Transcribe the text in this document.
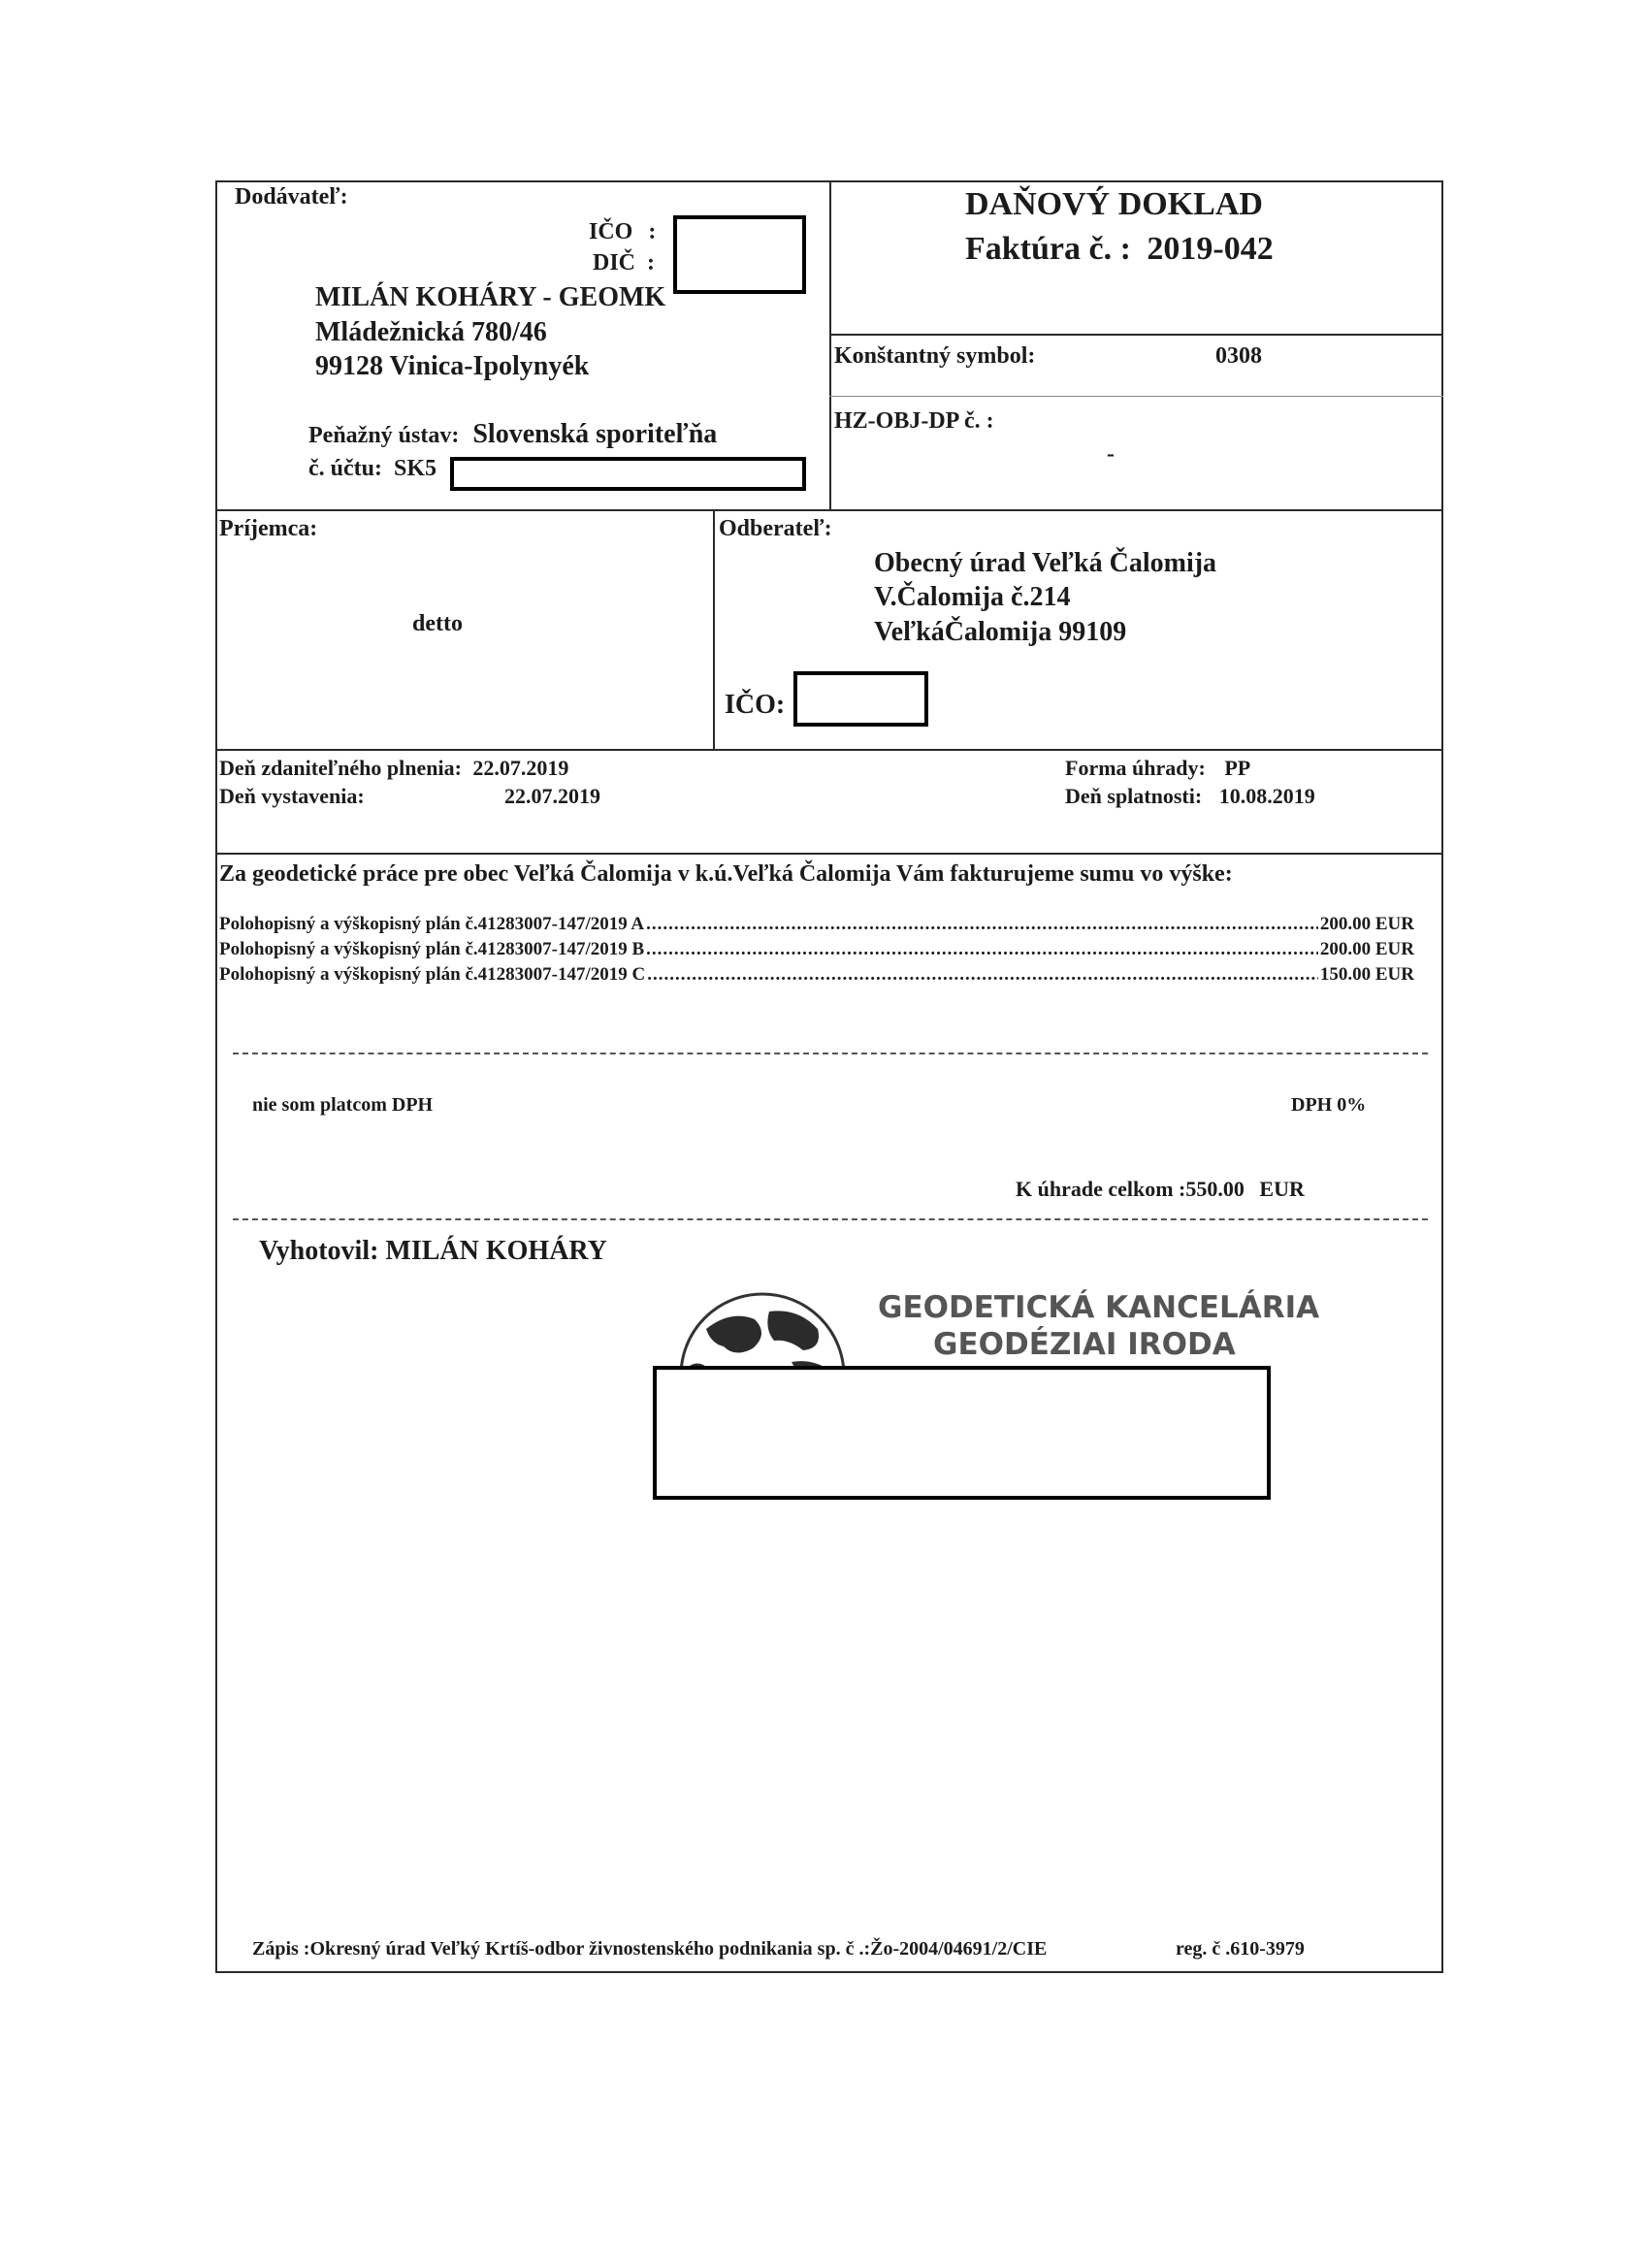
Dodávateľ:
IČO :
DIČ :
MILÁN KOHÁRY - GEOMK
Mládežnická 780/46
99128 Vinica-Ipolynyék
Peňažný ústav: Slovenská sporiteľňa
č. účtu: SK5
DAŇOVÝ DOKLAD
Faktúra č. : 2019-042
Konštantný symbol:	0308
HZ-OBJ-DP č. :
-
Príjemca:
detto
Odberateľ:
Obecný úrad Veľká Čalomija
V.Čalomija č.214
VeľkáČalomija 99109
IČO:
Deň zdaniteľného plnenia: 22.07.2019
Deň vystavenia:	22.07.2019
Forma úhrady: PP
Deň splatnosti: 10.08.2019
Za geodetické práce pre obec Veľká Čalomija v k.ú.Veľká Čalomija Vám fakturujeme sumu vo výške:
Polohopisný a výškopisný plán č.41283007-147/2019 A .....	200.00 EUR
Polohopisný a výškopisný plán č.41283007-147/2019 B .....	200.00 EUR
Polohopisný a výškopisný plán č.41283007-147/2019 C .....	150.00 EUR
nie som platcom DPH	DPH 0%
K úhrade celkom :550.00 EUR
Vyhotovil: MILÁN KOHÁRY
GEODETICKÁ KANCELÁRIA
GEODÉZIAI IRODA
Zápis :Okresný úrad Veľký Krtíš-odbor živnostenského podnikania sp. č .:Žo-2004/04691/2/CIE	reg. č .610-3979
